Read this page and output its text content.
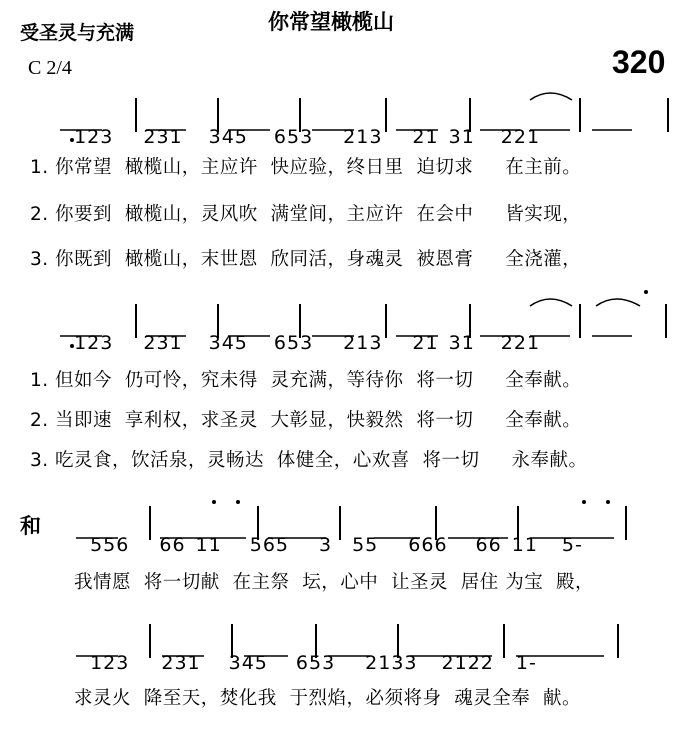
受圣灵与充满	你常望橄榄山
C 2/4	320

123 231 345 653 213 21 31 221

1. 你常望  橄榄山，主应许  快应验，终日里  迫切求     在主前。
2. 你要到  橄榄山，灵风吹  满堂间，主应许  在会中     皆实现，
3. 你既到  橄榄山，末世恩  欣同活，身魂灵  被恩膏     全浇灌，

123 231 345 653 213 21 31 221

1. 但如今  仍可怜，究未得  灵充满，等待你  将一切     全奉献。
2. 当即速  享利权，求圣灵  大彰显，快毅然  将一切     全奉献。
3. 吃灵食，饮活泉，灵畅达  体健全，心欢喜  将一切     永奉献。
和

556 66 11 565 3 55 666 66 11 5-

我情愿  将一切献  在主祭  坛，心中  让圣灵  居住 为宝  殿，

123 231 345 653 2133 2122 1-

求灵火  降至天，焚化我  于烈焰，必须将身  魂灵全奉  献。
